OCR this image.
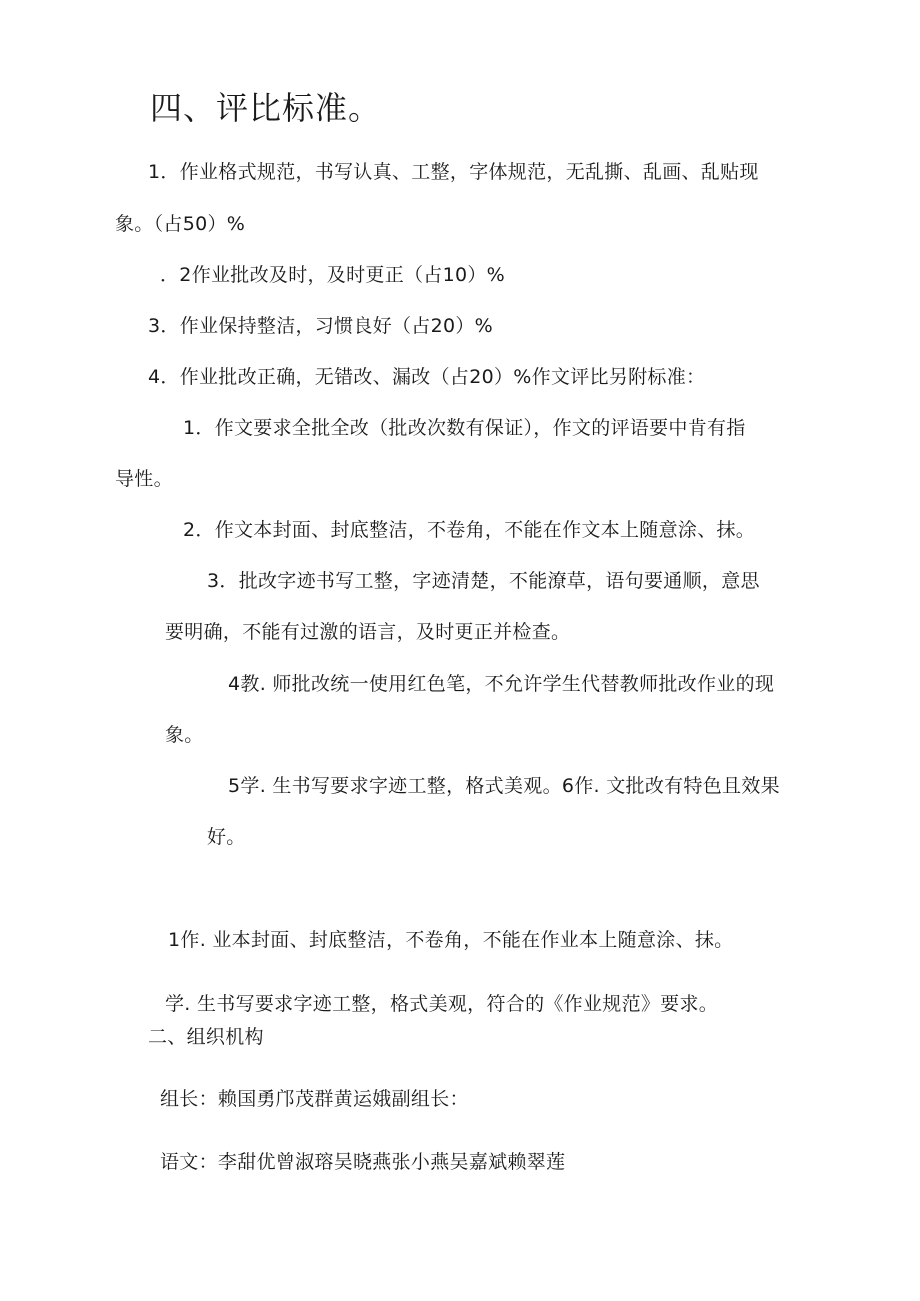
四、评比标准。
1．作业格式规范，书写认真、工整，字体规范，无乱撕、乱画、乱贴现
象。（占50）%
．2作业批改及时，及时更正（占10）%
3．作业保持整洁，习惯良好（占20）%
4．作业批改正确，无错改、漏改（占20）%作文评比另附标准：
1．作文要求全批全改（批改次数有保证），作文的评语要中肯有指
导性。
2．作文本封面、封底整洁，不卷角，不能在作文本上随意涂、抹。
3．批改字迹书写工整，字迹清楚，不能潦草，语句要通顺，意思
要明确，不能有过激的语言，及时更正并检查。
4教. 师批改统一使用红色笔，不允许学生代替教师批改作业的现
象。
5学. 生书写要求字迹工整，格式美观。6作. 文批改有特色且效果
好。
1作. 业本封面、封底整洁，不卷角，不能在作业本上随意涂、抹。
学. 生书写要求字迹工整，格式美观，符合的《作业规范》要求。
二、组织机构
组长：赖国勇邝茂群黄运娥副组长：
语文：李甜优曾淑瑢吴晓燕张小燕吴嘉斌赖翠莲
